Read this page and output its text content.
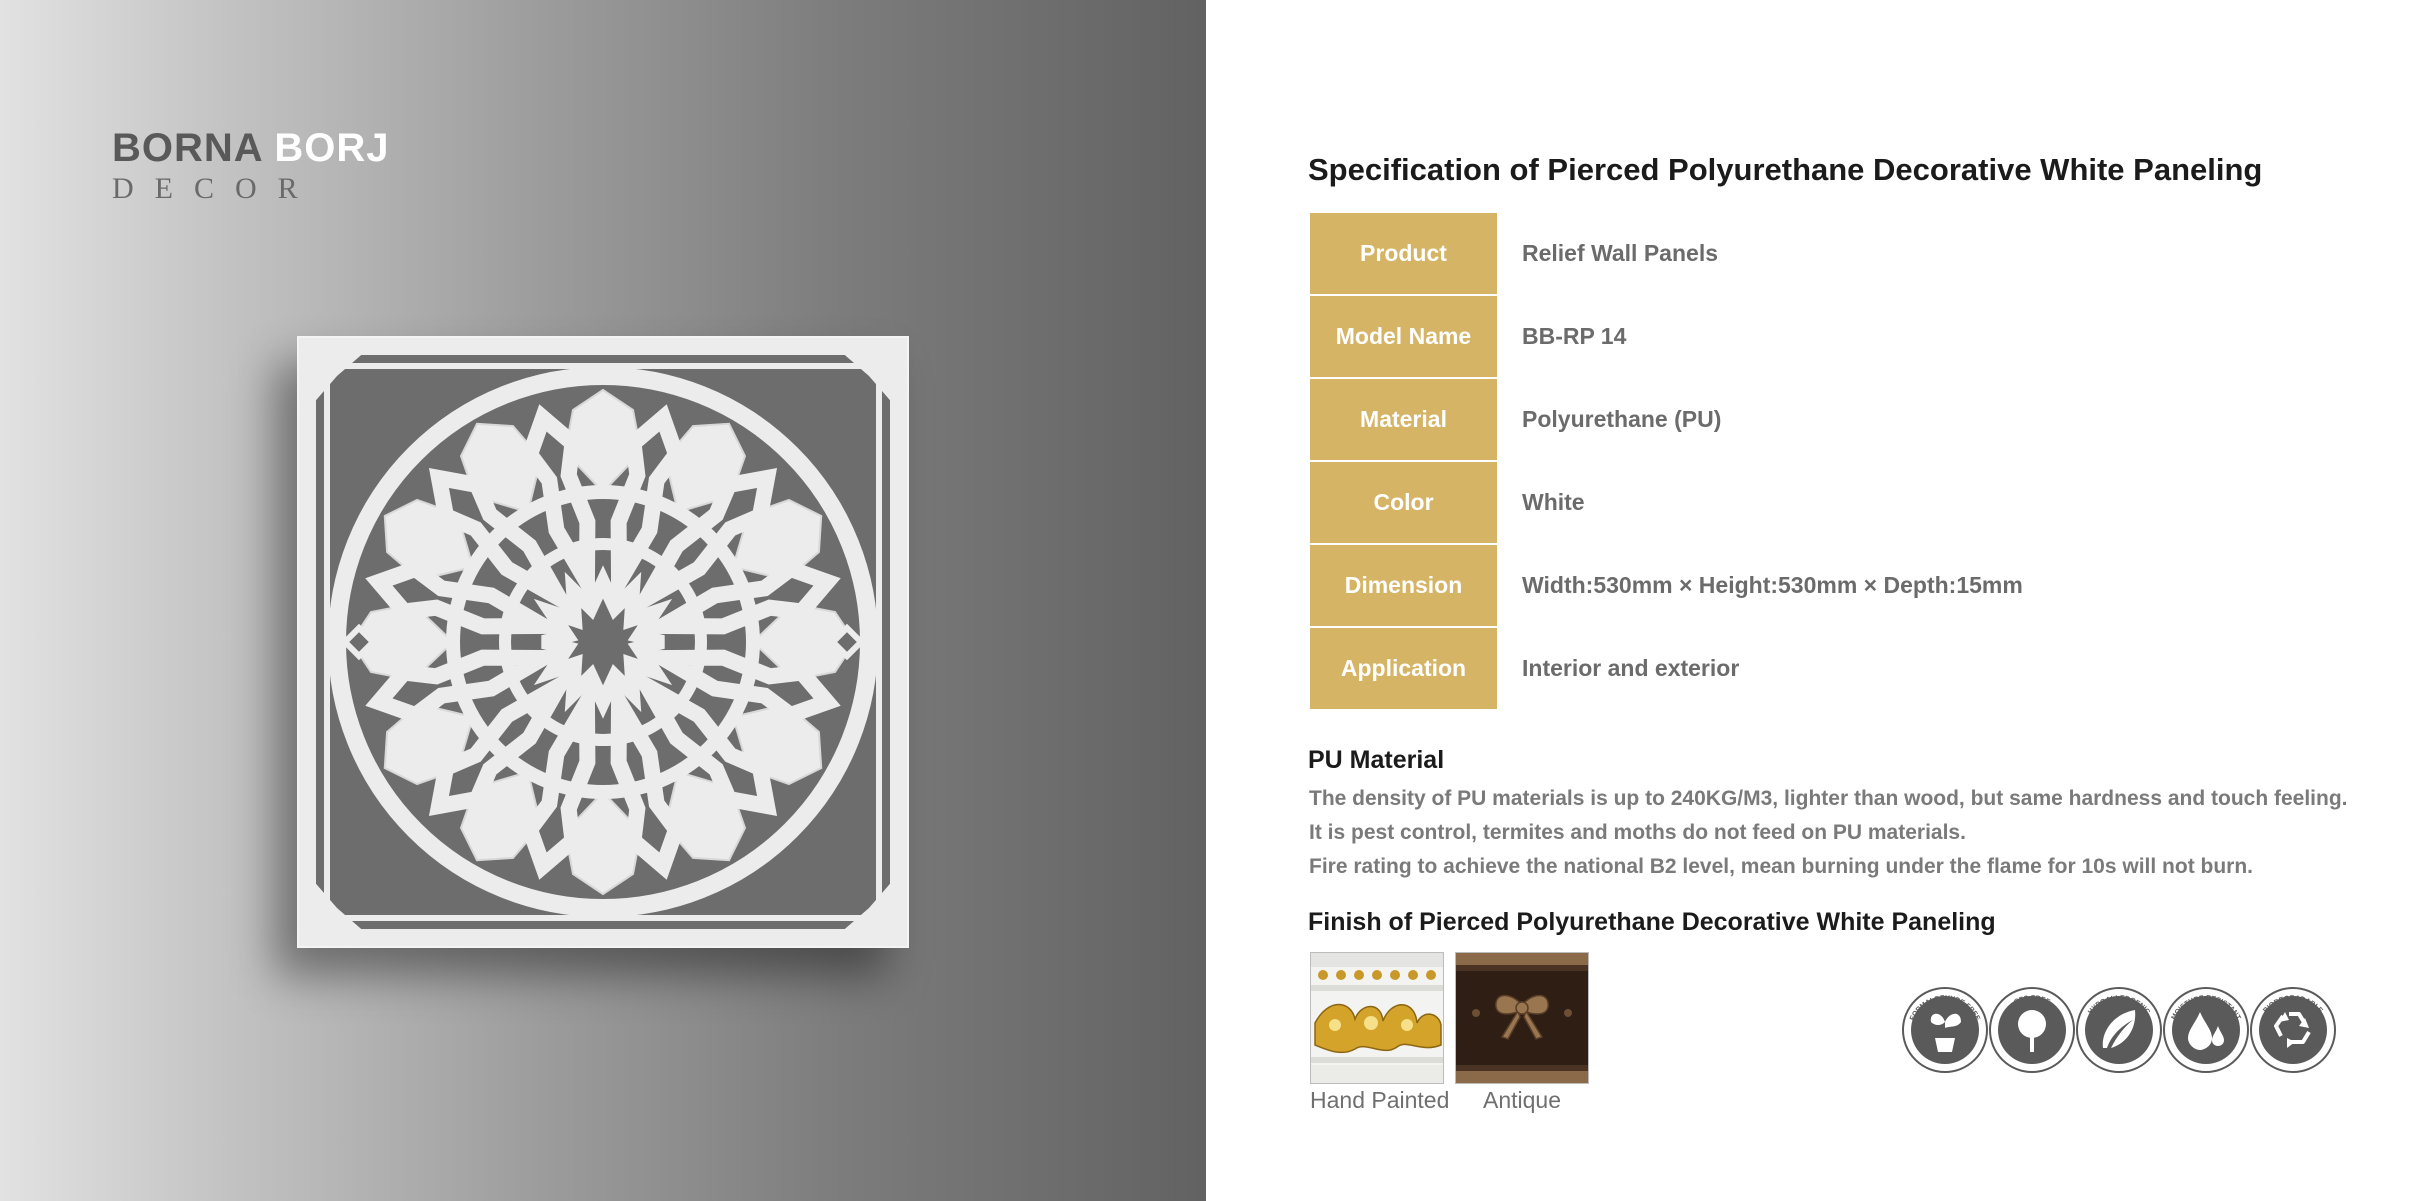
BORNA BORJ
DECOR
Specification of Pierced Polyurethane Decorative White Paneling
Product	Relief Wall Panels
Model Name	BB-RP 14
Material	Polyurethane (PU)
Color	White
Dimension	Width:530mm × Height:530mm × Depth:15mm
Application	Interior and exterior
PU Material
The density of PU materials is up to 240KG/M3, lighter than wood, but same hardness and touch feeling.
It is pest control, termites and moths do not feed on PU materials.
Fire rating to achieve the national B2 level, mean burning under the flame for 10s will not burn.
Finish of Pierced Polyurethane Decorative White Paneling
Hand Painted	Antique
FORMALDEHYDE FREE
CFC FREE
HYPOALLERGENIC
MOISTURE RESISTANT
BIODEGRADABLE
